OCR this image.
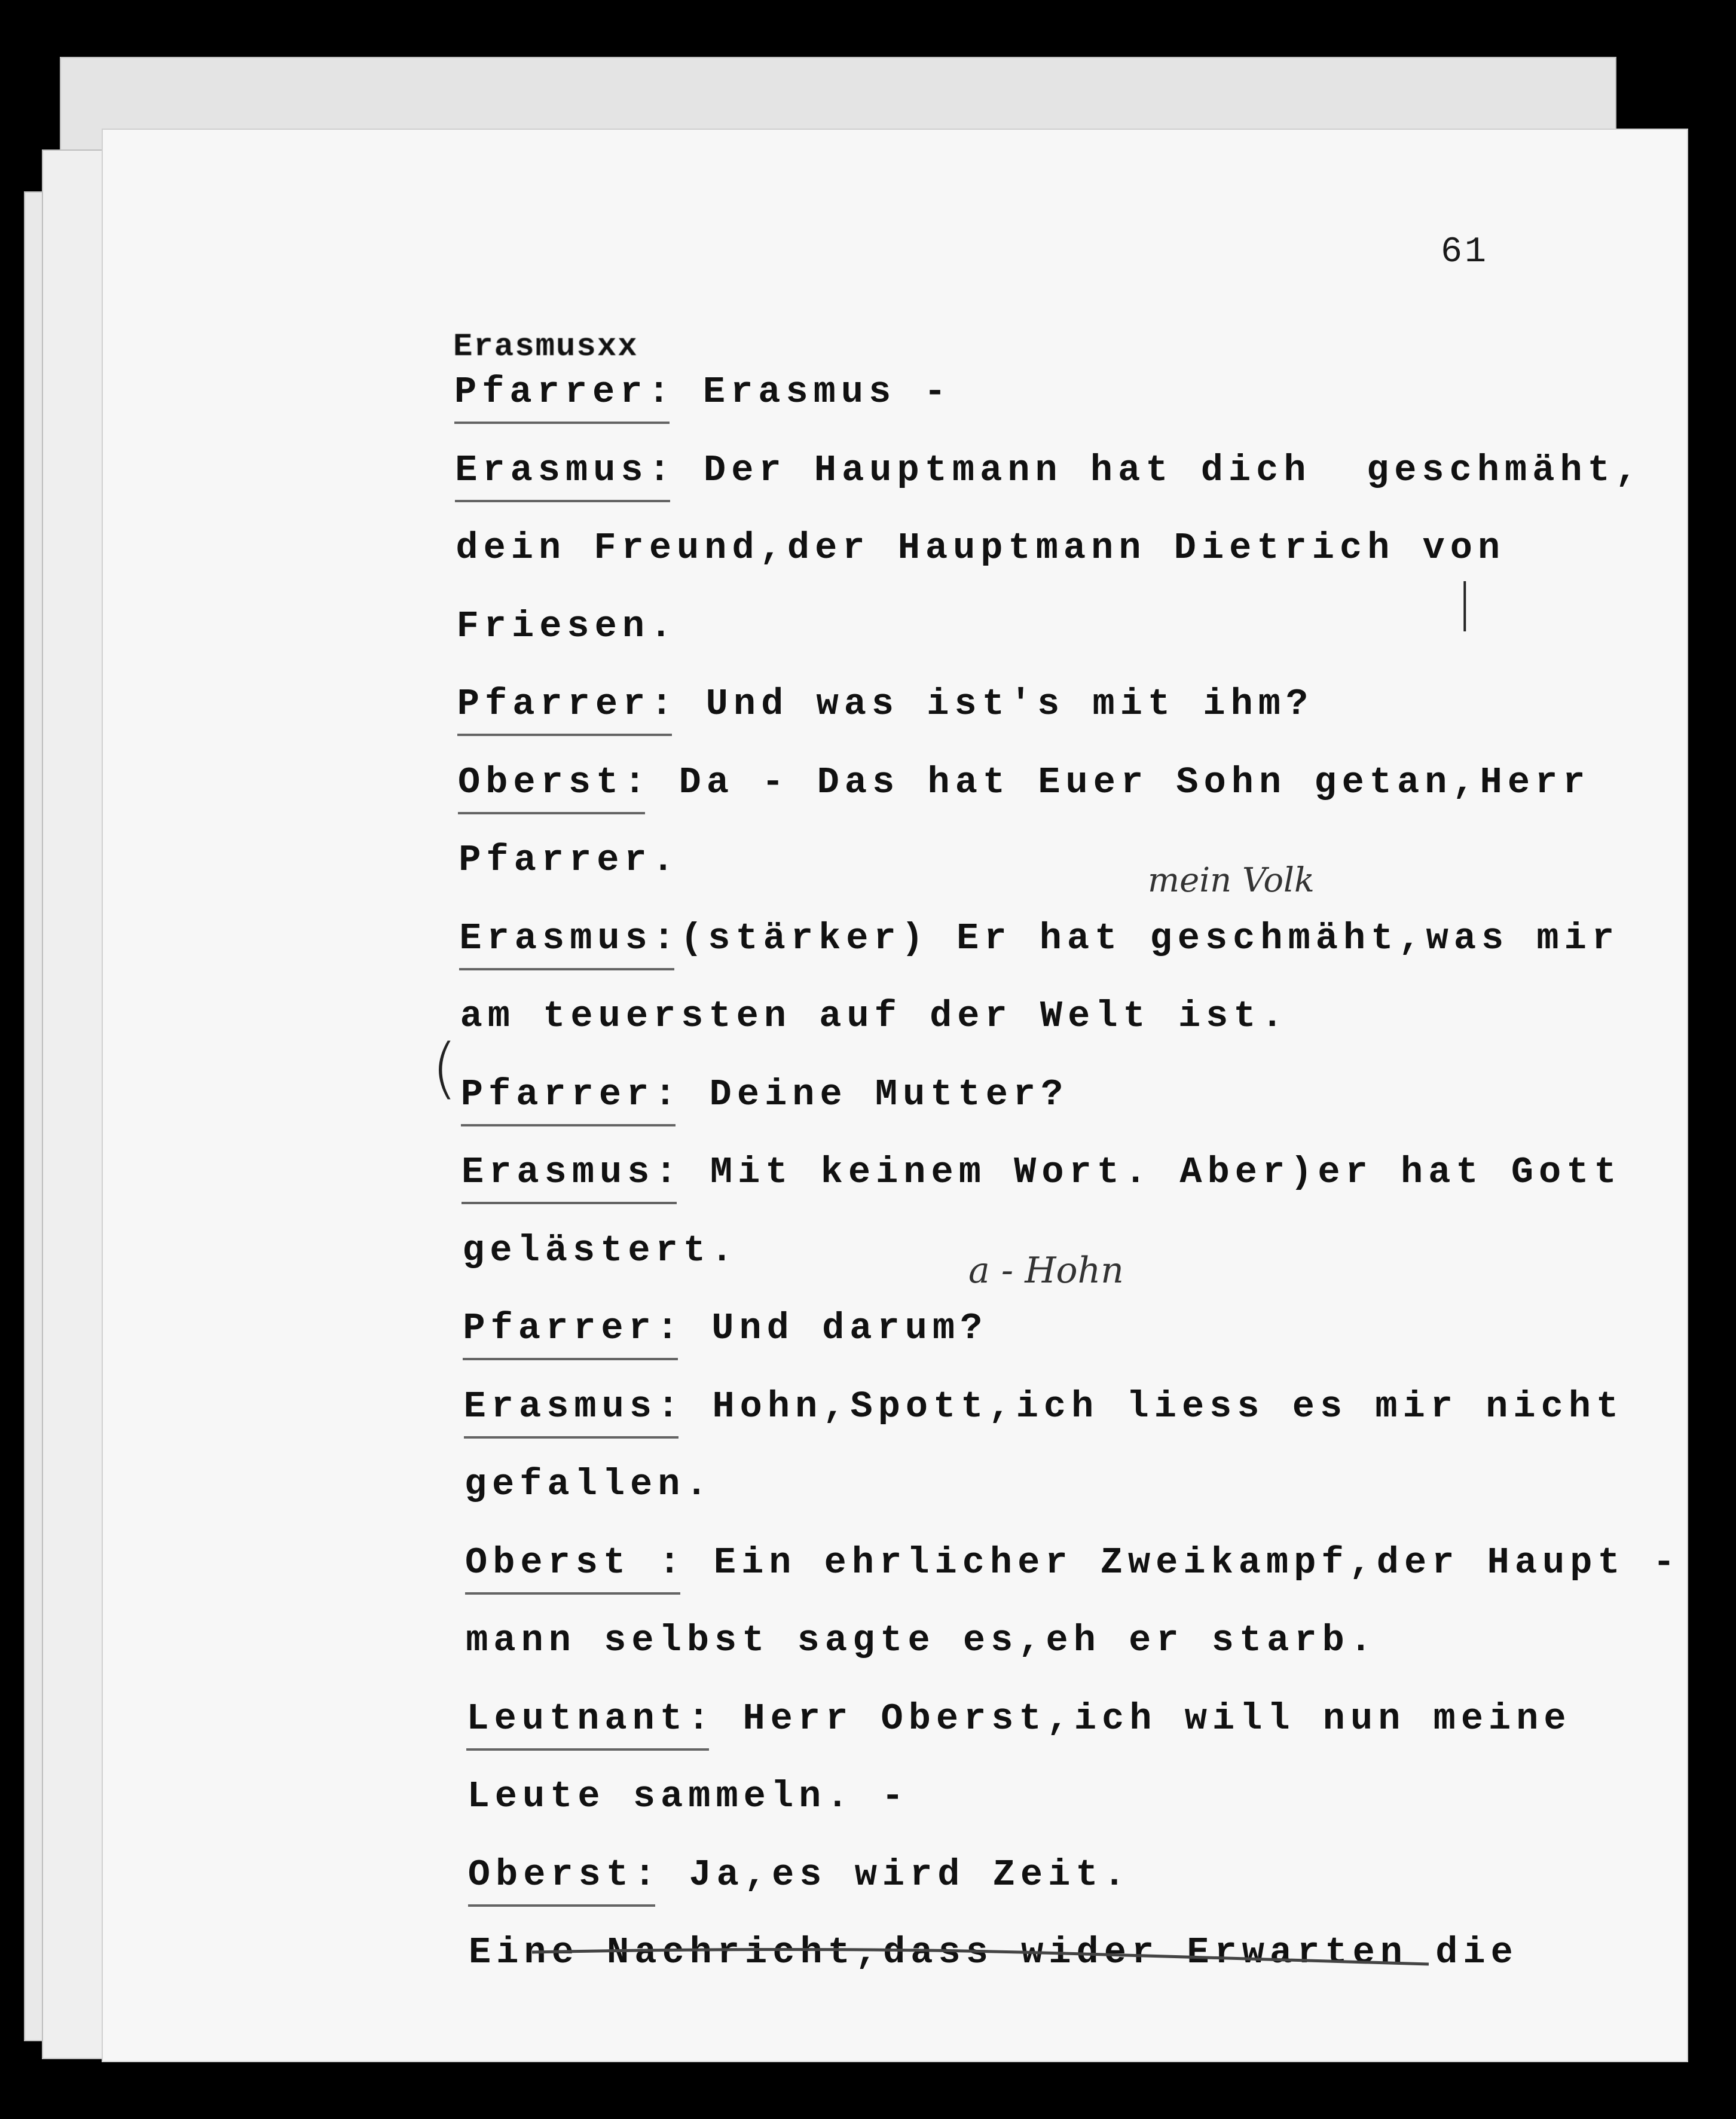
61
Erasmusxx
Pfarrer: Erasmus -
Erasmus: Der Hauptmann hat dich  geschmäht,
dein Freund,der Hauptmann Dietrich von
Friesen.
Pfarrer: Und was ist's mit ihm?
Oberst: Da - Das hat Euer Sohn getan,Herr
Pfarrer.
Erasmus:(stärker) Er hat geschmäht,was mir
am teuersten auf der Welt ist.
Pfarrer: Deine Mutter?
Erasmus: Mit keinem Wort. Aber)er hat Gott
gelästert.
Pfarrer: Und darum?
Erasmus: Hohn,Spott,ich liess es mir nicht
gefallen.
Oberst : Ein ehrlicher Zweikampf,der Haupt -
mann selbst sagte es,eh er starb.
Leutnant: Herr Oberst,ich will nun meine
Leute sammeln. -
Oberst: Ja,es wird Zeit.
Eine Nachricht,dass wider Erwarten die
mein Volk
a - Hohn
(
|
